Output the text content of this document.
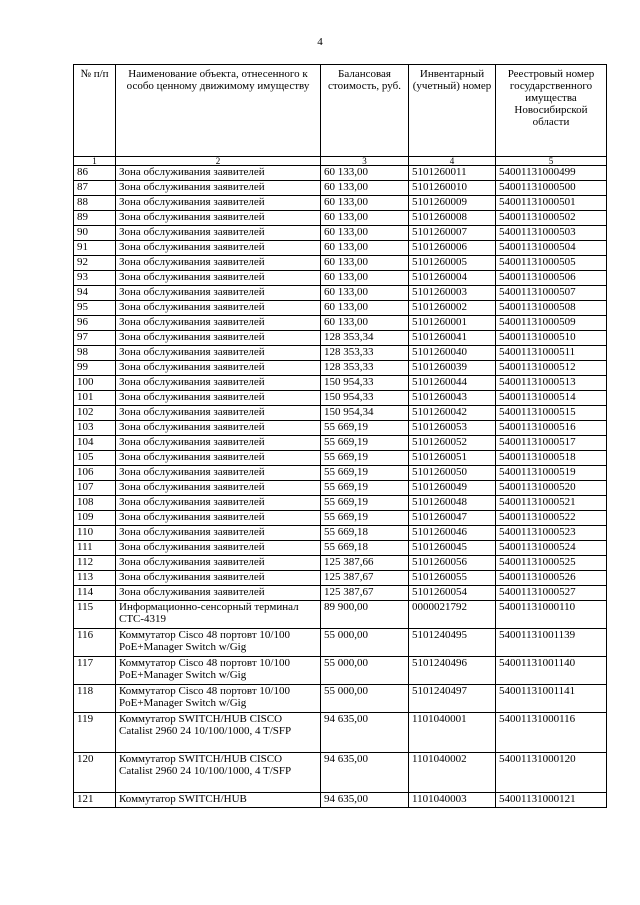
4
№ п/п	Наименование объекта, отнесенного к особо ценному движимому имуществу	Балансовая стоимость, руб.	Инвентарный (учетный) номер	Реестровый номер государственного имущества Новосибирской области
1	2	3	4	5
86	Зона обслуживания заявителей	60 133,00	5101260011	54001131000499
87	Зона обслуживания заявителей	60 133,00	5101260010	54001131000500
88	Зона обслуживания заявителей	60 133,00	5101260009	54001131000501
89	Зона обслуживания заявителей	60 133,00	5101260008	54001131000502
90	Зона обслуживания заявителей	60 133,00	5101260007	54001131000503
91	Зона обслуживания заявителей	60 133,00	5101260006	54001131000504
92	Зона обслуживания заявителей	60 133,00	5101260005	54001131000505
93	Зона обслуживания заявителей	60 133,00	5101260004	54001131000506
94	Зона обслуживания заявителей	60 133,00	5101260003	54001131000507
95	Зона обслуживания заявителей	60 133,00	5101260002	54001131000508
96	Зона обслуживания заявителей	60 133,00	5101260001	54001131000509
97	Зона обслуживания заявителей	128 353,34	5101260041	54001131000510
98	Зона обслуживания заявителей	128 353,33	5101260040	54001131000511
99	Зона обслуживания заявителей	128 353,33	5101260039	54001131000512
100	Зона обслуживания заявителей	150 954,33	5101260044	54001131000513
101	Зона обслуживания заявителей	150 954,33	5101260043	54001131000514
102	Зона обслуживания заявителей	150 954,34	5101260042	54001131000515
103	Зона обслуживания заявителей	55 669,19	5101260053	54001131000516
104	Зона обслуживания заявителей	55 669,19	5101260052	54001131000517
105	Зона обслуживания заявителей	55 669,19	5101260051	54001131000518
106	Зона обслуживания заявителей	55 669,19	5101260050	54001131000519
107	Зона обслуживания заявителей	55 669,19	5101260049	54001131000520
108	Зона обслуживания заявителей	55 669,19	5101260048	54001131000521
109	Зона обслуживания заявителей	55 669,19	5101260047	54001131000522
110	Зона обслуживания заявителей	55 669,18	5101260046	54001131000523
111	Зона обслуживания заявителей	55 669,18	5101260045	54001131000524
112	Зона обслуживания заявителей	125 387,66	5101260056	54001131000525
113	Зона обслуживания заявителей	125 387,67	5101260055	54001131000526
114	Зона обслуживания заявителей	125 387,67	5101260054	54001131000527
115	Информационно-сенсорный терминал СТС-4319	89 900,00	0000021792	54001131000110
116	Коммутатор Cisco 48 портовт 10/100 PoE+Manager Switch w/Gig	55 000,00	5101240495	54001131001139
117	Коммутатор Cisco 48 портовт 10/100 PoE+Manager Switch w/Gig	55 000,00	5101240496	54001131001140
118	Коммутатор Cisco 48 портовт 10/100 PoE+Manager Switch w/Gig	55 000,00	5101240497	54001131001141
119	Коммутатор SWITCH/HUB CISCO Catalist 2960 24 10/100/1000, 4 T/SFP	94 635,00	1101040001	54001131000116
120	Коммутатор SWITCH/HUB CISCO Catalist 2960 24 10/100/1000, 4 T/SFP	94 635,00	1101040002	54001131000120
121	Коммутатор SWITCH/HUB	94 635,00	1101040003	54001131000121
